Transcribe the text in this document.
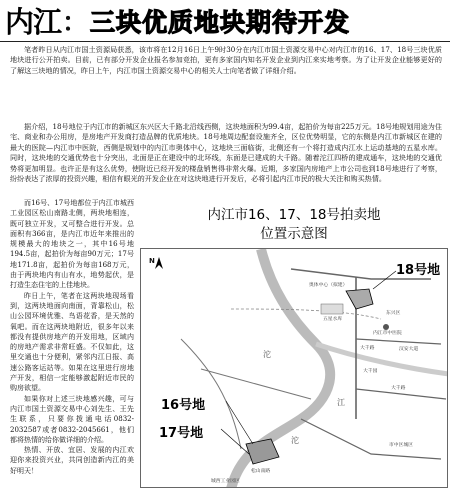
内江 ： 三块优质地块期待开发

笔者昨日从内江市国土资源局获悉，该市将在12月16日上午9时30分在内江市国土资源交易中心对内江市的16、17、18号三块优质地块进行公开拍卖。目前，已有部分开发企业报名参加竞拍，更有多家国内知名开发企业到内江来实地考察。为了让开发企业能够更好的了解这三块地的情况，昨日上午，内江市国土资源交易中心的相关人士向笔者做了详细介绍。

据介绍，18号地位于内江市的新城区东兴区大千路北沿线西侧，这块地面积为99.4亩，起拍价为每亩225万元。18号地规划用途为住宅、商业和办公用房，是房地产开发商打造品牌的优质地块。18号地周边配套设施齐全，区位优势明显，它的东侧是内江市新城区在建的最大的医院—内江市中医院，西侧是规划中的内江市奥体中心，这地块三面临街，北侧还有一个将打造成内江水上运动基地的五星水库。同时，这块地的交通优势也十分突出，北面是正在建设中的北环线，东面是已建成的大千路。随着沱江四桥的建成通车，这块地的交通优势将更加明显。也许正是有这么优势，使附近已经开发的楼盘销售得非常火爆。近期，多家国内房地产上市公司也到18号地进行了考察，纷纷表达了浓厚的投资兴趣，相信有眼光的开发企业在对这块地进行开发后，必将引起内江市民的极大关注和购买热情。

而16号、17号地都位于内江市城西工业园区松山南路北侧，两块地相连，既可独立开发，又可整合进行开发。总面积有366亩，是内江市近年来推出的规模最大的地块之一，其中16号地194.5亩，起拍价为每亩90万元；17号地171.8亩，起拍价为每亩168万元，由于两块地内有山有水，地势起伏，是打造生态住宅的上佳地块。

昨日上午，笔者在这两块地现场看到，这两块地面向南面，背靠松山，松山公园环境优雅、鸟语花香，是天然的氧吧。而在这两块地附近，很多年以来都没有提供房地产的开发用地，区域内的房地产需求非常旺盛。不仅如此，这里交通也十分便利，紧邻内江日报、高速公路客运站等。如果在这里进行房地产开发，相信一定能够激起附近市民的购房欲望。

如果你对上述三块地感兴趣，可与内江市国土资源交易中心刘先生、王先生联系，只要你拨通电话0832-2032587或者0832-2045661，他们都将热情的给你做详细的介绍。

热情、开放、宜居、发展的内江欢迎你来投资兴业，共同创造新内江的美好明天！

内江市16、17、18号拍卖地
位置示意图
N
18号地
16号地
17号地
沱
江
沱
五星水库
奥体中心（拟建）
大千路
大千园
大千路
汉安大道
内江市中医院
市中区城区
松山南路
城西工业园区
东兴区
